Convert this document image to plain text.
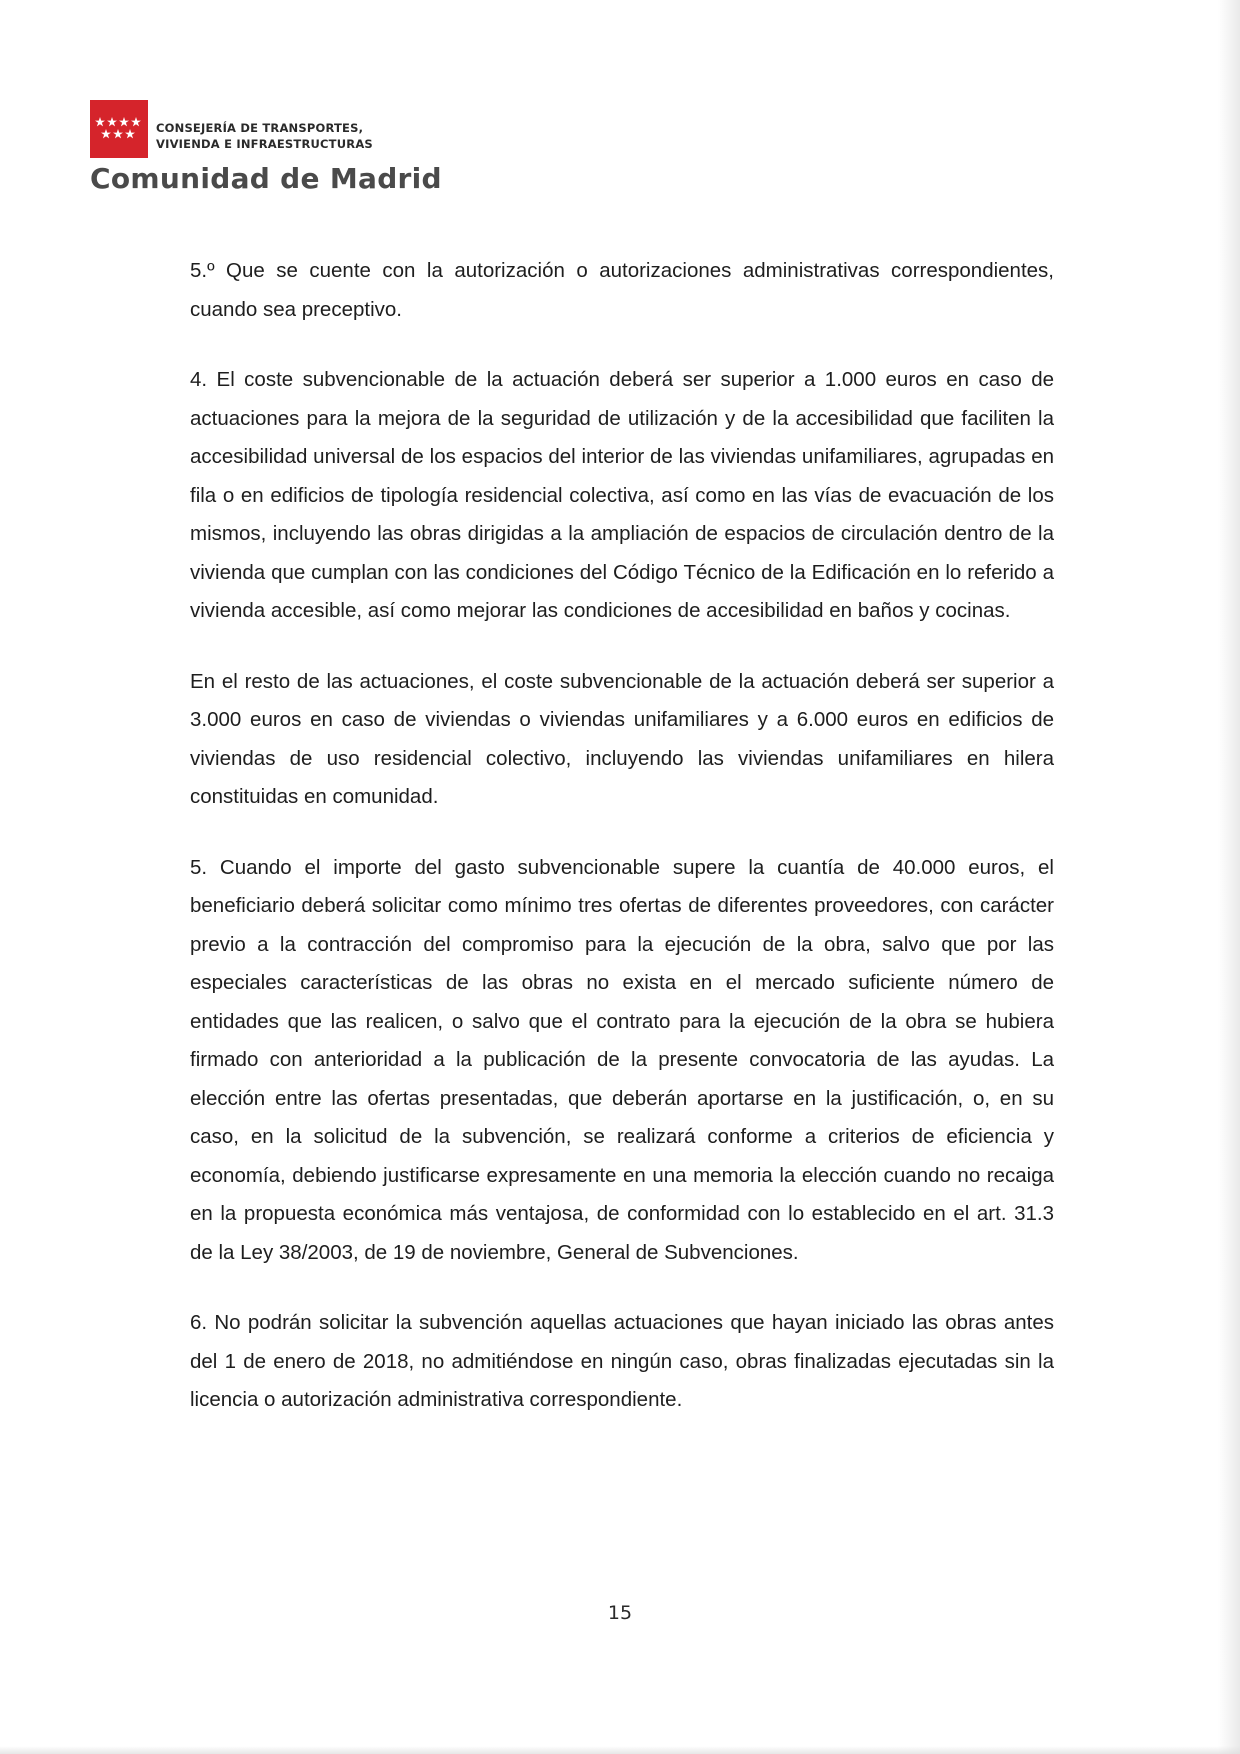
CONSEJERÍA DE TRANSPORTES,
VIVIENDA E INFRAESTRUCTURAS
Comunidad de Madrid

5.º Que se cuente con la autorización o autorizaciones administrativas correspondientes, cuando sea preceptivo.

4. El coste subvencionable de la actuación deberá ser superior a 1.000 euros en caso de actuaciones para la mejora de la seguridad de utilización y de la accesibilidad que faciliten la accesibilidad universal de los espacios del interior de las viviendas unifamiliares, agrupadas en fila o en edificios de tipología residencial colectiva, así como en las vías de evacuación de los mismos, incluyendo las obras dirigidas a la ampliación de espacios de circulación dentro de la vivienda que cumplan con las condiciones del Código Técnico de la Edificación en lo referido a vivienda accesible, así como mejorar las condiciones de accesibilidad en baños y cocinas.

En el resto de las actuaciones, el coste subvencionable de la actuación deberá ser superior a 3.000 euros en caso de viviendas o viviendas unifamiliares y a 6.000 euros en edificios de viviendas de uso residencial colectivo, incluyendo las viviendas unifamiliares en hilera constituidas en comunidad.

5. Cuando el importe del gasto subvencionable supere la cuantía de 40.000 euros, el beneficiario deberá solicitar como mínimo tres ofertas de diferentes proveedores, con carácter previo a la contracción del compromiso para la ejecución de la obra, salvo que por las especiales características de las obras no exista en el mercado suficiente número de entidades que las realicen, o salvo que el contrato para la ejecución de la obra se hubiera firmado con anterioridad a la publicación de la presente convocatoria de las ayudas. La elección entre las ofertas presentadas, que deberán aportarse en la justificación, o, en su caso, en la solicitud de la subvención, se realizará conforme a criterios de eficiencia y economía, debiendo justificarse expresamente en una memoria la elección cuando no recaiga en la propuesta económica más ventajosa, de conformidad con lo establecido en el art. 31.3 de la Ley 38/2003, de 19 de noviembre, General de Subvenciones.

6. No podrán solicitar la subvención aquellas actuaciones que hayan iniciado las obras antes del 1 de enero de 2018, no admitiéndose en ningún caso, obras finalizadas ejecutadas sin la licencia o autorización administrativa correspondiente.

15
